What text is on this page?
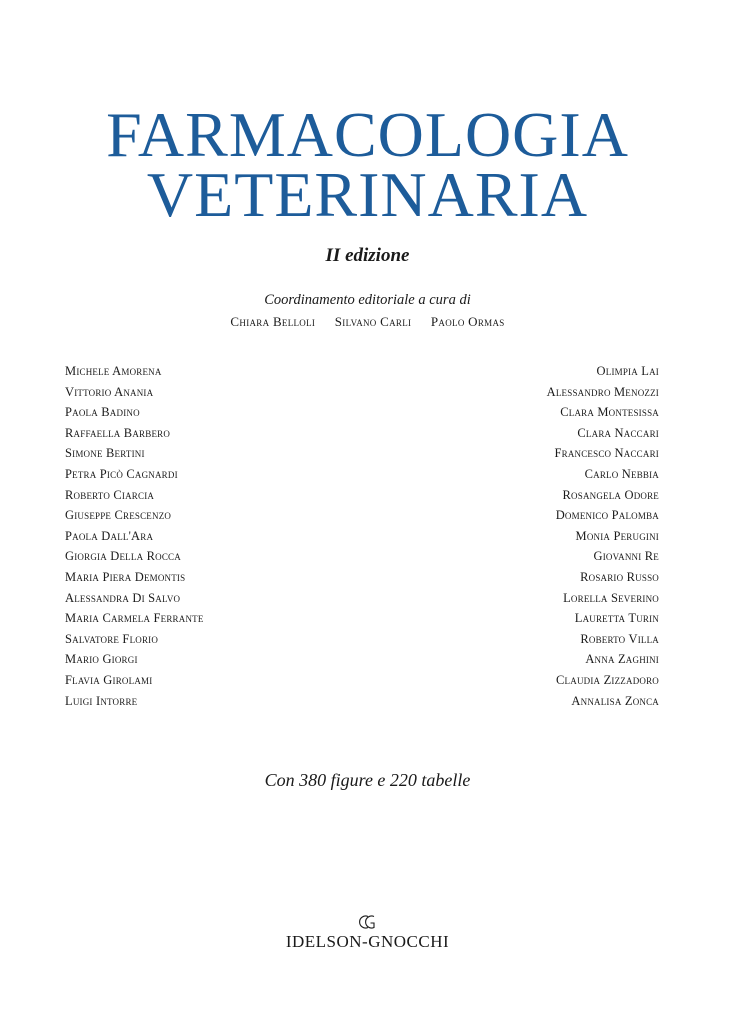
FARMACOLOGIA
VETERINARIA
II edizione
Coordinamento editoriale a cura di
Chiara Belloli Silvano Carli Paolo Ormas
Michele Amorena
Vittorio Anania
Paola Badino
Raffaella Barbero
Simone Bertini
Petra Picò Cagnardi
Roberto Ciarcia
Giuseppe Crescenzo
Paola Dall'Ara
Giorgia Della Rocca
Maria Piera Demontis
Alessandra Di Salvo
Maria Carmela Ferrante
Salvatore Florio
Mario Giorgi
Flavia Girolami
Luigi Intorre
Olimpia Lai
Alessandro Menozzi
Clara Montesissa
Clara Naccari
Francesco Naccari
Carlo Nebbia
Rosangela Odore
Domenico Palomba
Monia Perugini
Giovanni Re
Rosario Russo
Lorella Severino
Lauretta Turin
Roberto Villa
Anna Zaghini
Claudia Zizzadoro
Annalisa Zonca
Con 380 figure e 220 tabelle
IDELSON-GNOCCHI
